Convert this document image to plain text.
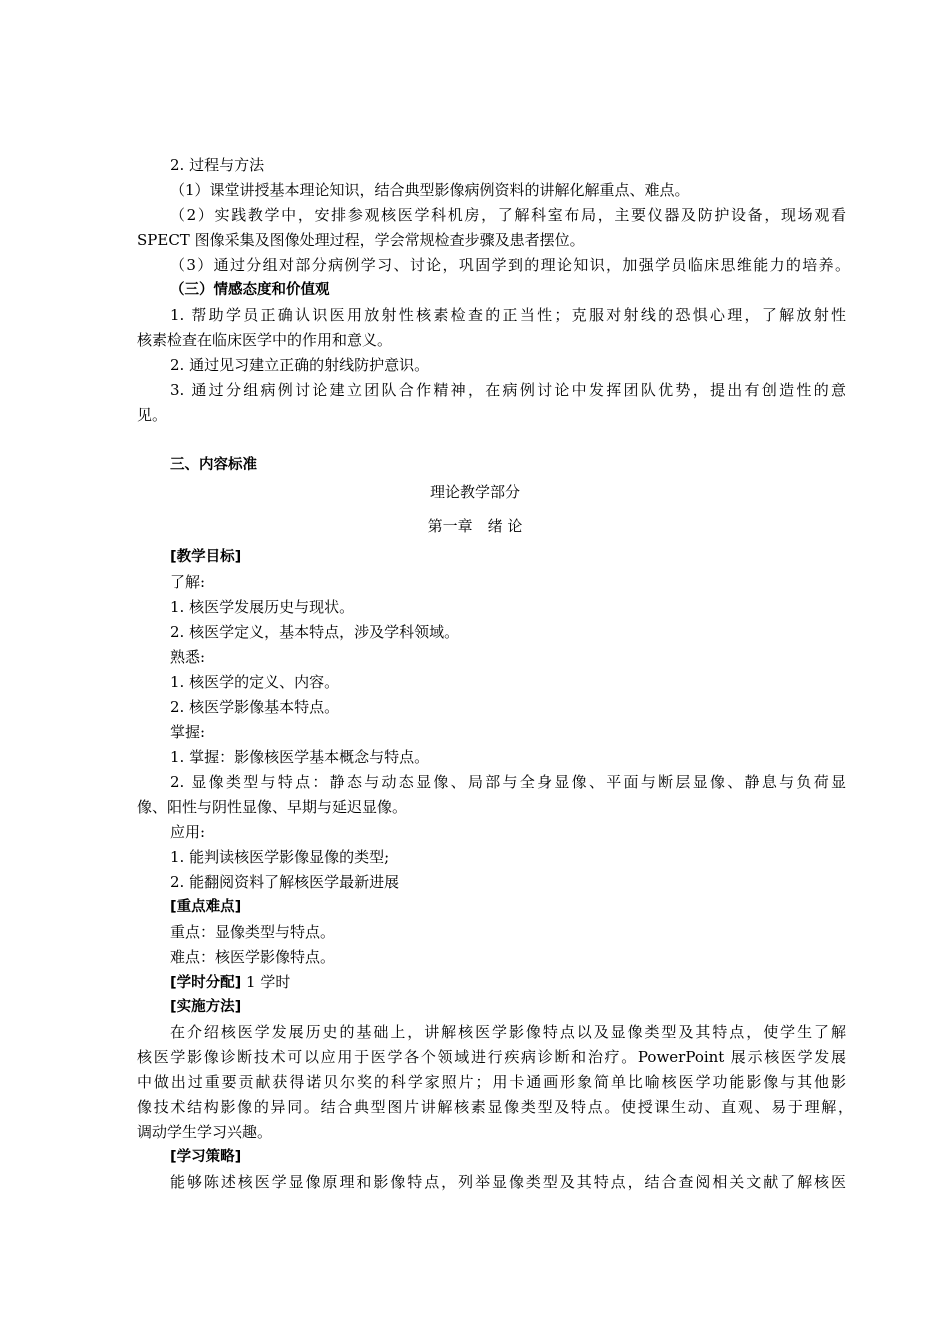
2. 过程与方法

（1）课堂讲授基本理论知识，结合典型影像病例资料的讲解化解重点、难点。

（2）实践教学中，安排参观核医学科机房，了解科室布局，主要仪器及防护设备，现场观看

SPECT 图像采集及图像处理过程，学会常规检查步骤及患者摆位。

（3）通过分组对部分病例学习、讨论，巩固学到的理论知识，加强学员临床思维能力的培养。

（三）情感态度和价值观

1. 帮助学员正确认识医用放射性核素检查的正当性；克服对射线的恐惧心理，了解放射性

核素检查在临床医学中的作用和意义。

2. 通过见习建立正确的射线防护意识。

3. 通过分组病例讨论建立团队合作精神，在病例讨论中发挥团队优势，提出有创造性的意

见。

三、内容标准

理论教学部分

第一章　绪 论

[教学目标]

了解:

1. 核医学发展历史与现状。

2. 核医学定义，基本特点，涉及学科领域。

熟悉:

1. 核医学的定义、内容。

2. 核医学影像基本特点。

掌握:

1. 掌握：影像核医学基本概念与特点。

2. 显像类型与特点：静态与动态显像、局部与全身显像、平面与断层显像、静息与负荷显

像、阳性与阴性显像、早期与延迟显像。

应用:

1. 能判读核医学影像显像的类型;

2. 能翻阅资料了解核医学最新进展

[重点难点]

重点：显像类型与特点。

难点：核医学影像特点。

[学时分配] 1 学时

[实施方法]

在介绍核医学发展历史的基础上，讲解核医学影像特点以及显像类型及其特点，使学生了解

核医学影像诊断技术可以应用于医学各个领域进行疾病诊断和治疗。PowerPoint 展示核医学发展

中做出过重要贡献获得诺贝尔奖的科学家照片；用卡通画形象简单比喻核医学功能影像与其他影

像技术结构影像的异同。结合典型图片讲解核素显像类型及特点。使授课生动、直观、易于理解，

调动学生学习兴趣。

[学习策略]

能够陈述核医学显像原理和影像特点，列举显像类型及其特点，结合查阅相关文献了解核医
